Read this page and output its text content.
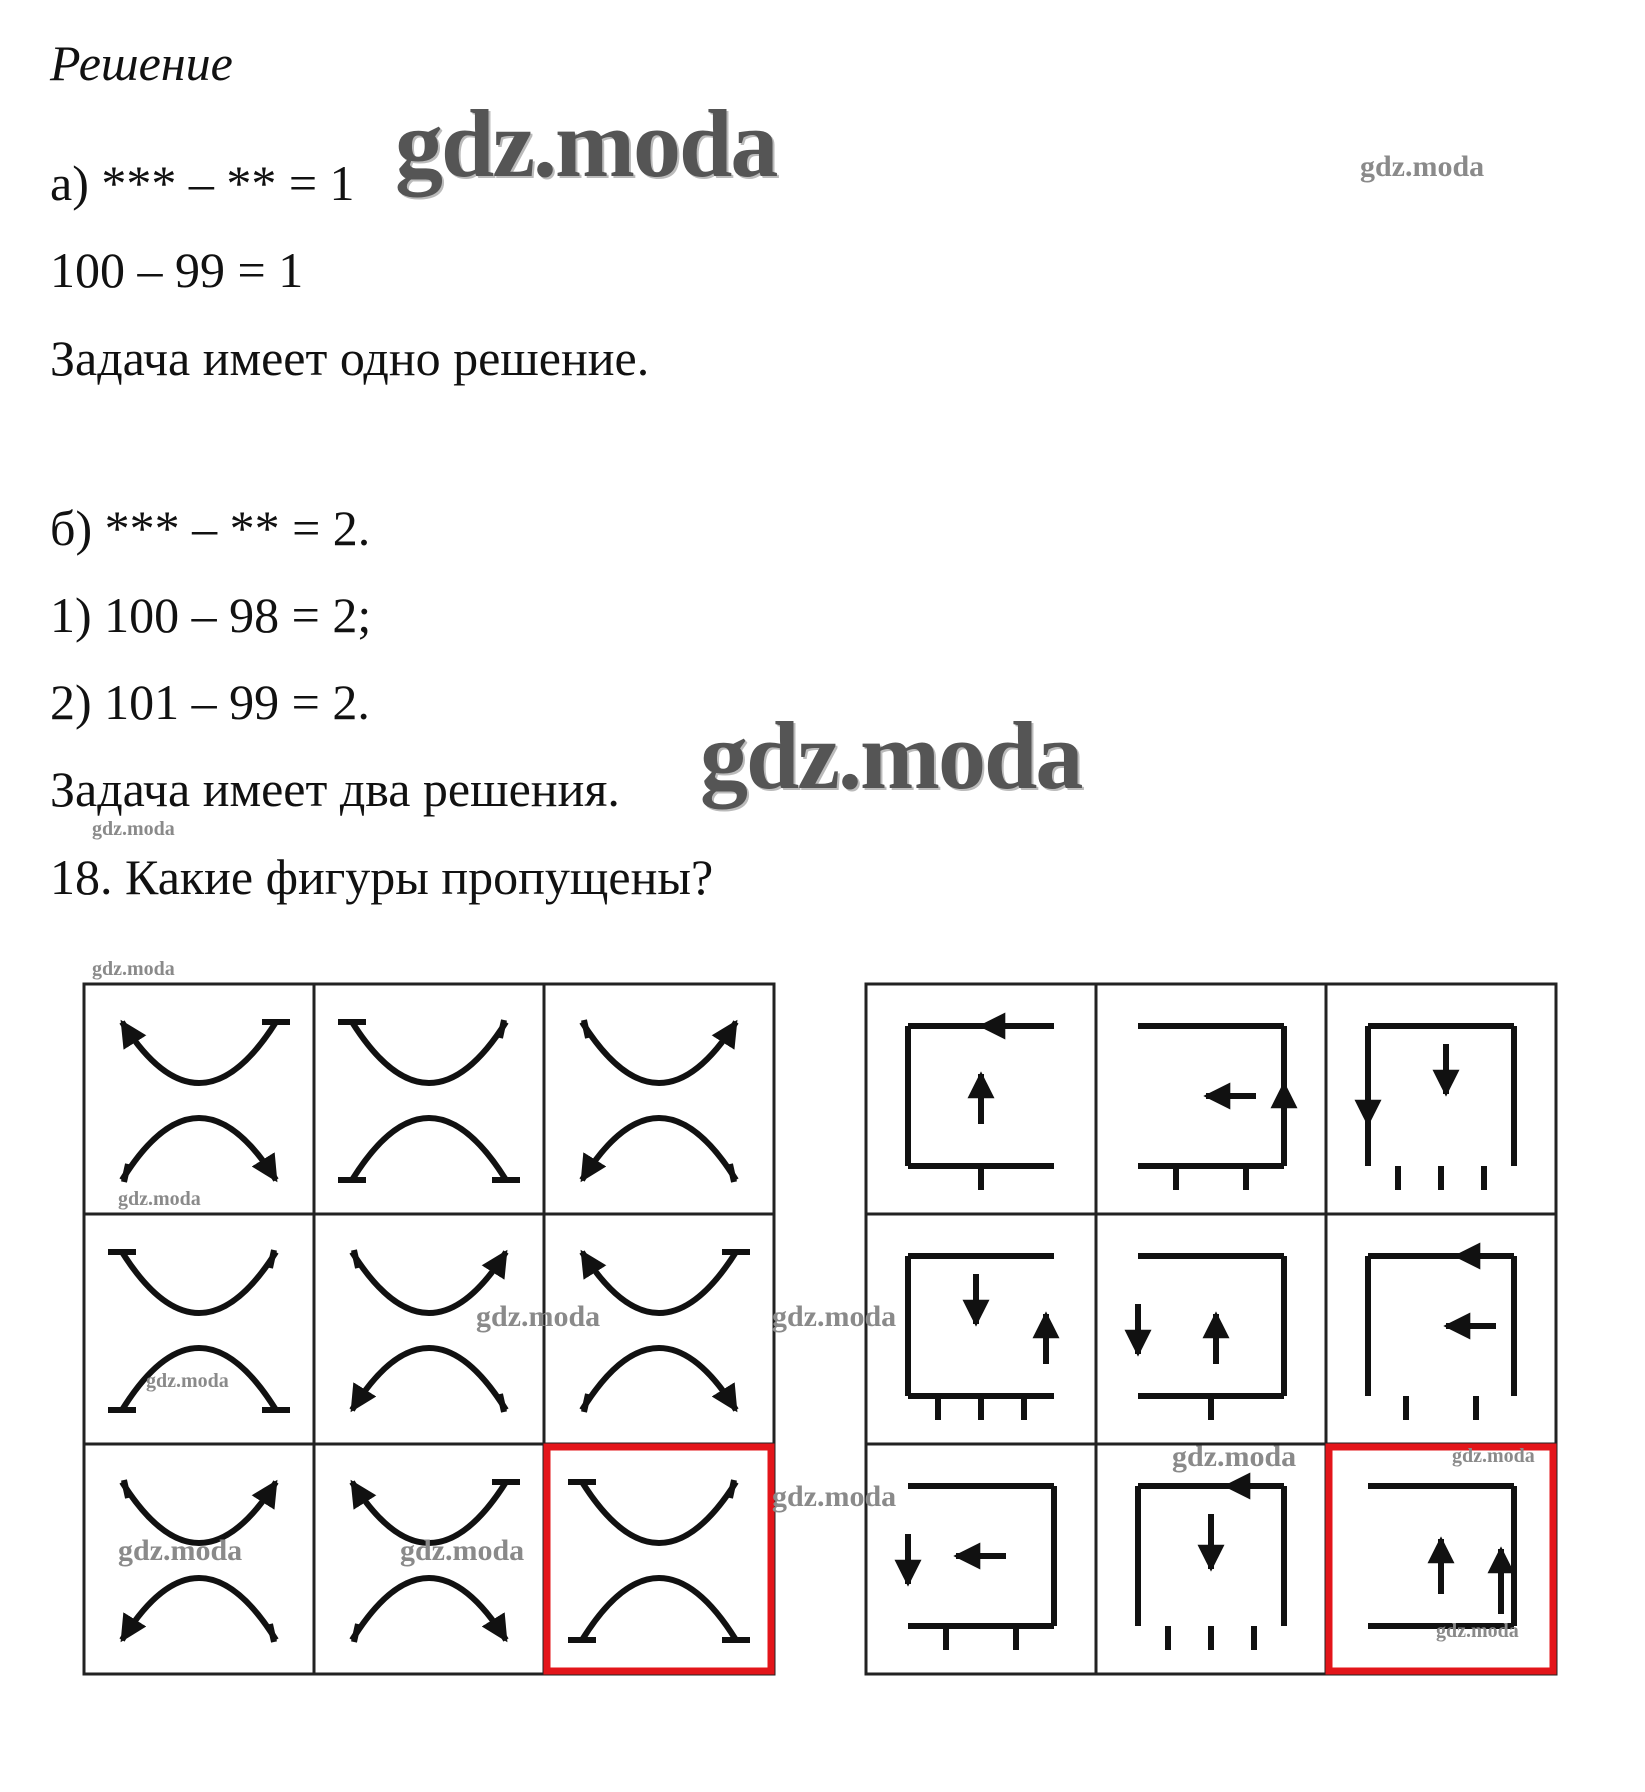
Решение
а) *** – ** = 1
100 – 99 = 1
Задача имеет одно решение.
б) *** – ** = 2.
1) 100 – 98 = 2;
2) 101 – 99 = 2.
Задача имеет два решения.
18. Какие фигуры пропущены?
gdz.moda	gdz.moda
gdz.moda
gdz.moda
gdz.moda
gdz.moda
gdz.moda
gdz.moda	gdz.moda
gdz.moda	gdz.moda
gdz.moda
gdz.moda	gdz.moda
gdz.moda
